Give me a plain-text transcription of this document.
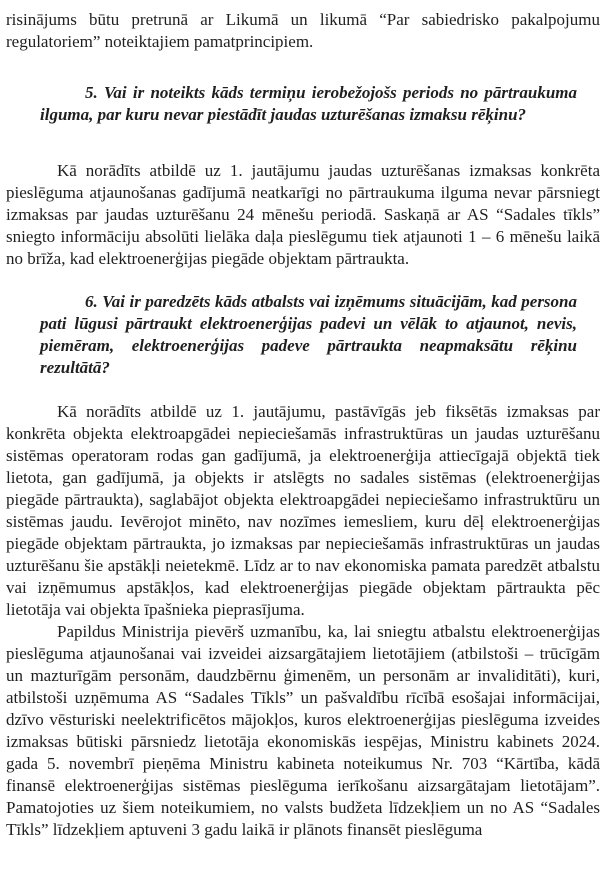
risinājums būtu pretrunā ar Likumā un likumā “Par sabiedrisko pakalpojumu regulatoriem” noteiktajiem pamatprincipiem.

5. Vai ir noteikts kāds termiņu ierobežojošs periods no pārtraukuma ilguma, par kuru nevar piestādīt jaudas uzturēšanas izmaksu rēķinu?

Kā norādīts atbildē uz 1. jautājumu jaudas uzturēšanas izmaksas konkrēta pieslēguma atjaunošanas gadījumā neatkarīgi no pārtraukuma ilguma nevar pārsniegt izmaksas par jaudas uzturēšanu 24 mēnešu periodā. Saskaņā ar AS “Sadales tīkls” sniegto informāciju absolūti lielāka daļa pieslēgumu tiek atjaunoti 1 – 6 mēnešu laikā no brīža, kad elektroenerģijas piegāde objektam pārtraukta.

6. Vai ir paredzēts kāds atbalsts vai izņēmums situācijām, kad persona pati lūgusi pārtraukt elektroenerģijas padevi un vēlāk to atjaunot, nevis, piemēram, elektroenerģijas padeve pārtraukta neapmaksātu rēķinu rezultātā?

Kā norādīts atbildē uz 1. jautājumu, pastāvīgās jeb fiksētās izmaksas par konkrēta objekta elektroapgādei nepieciešamās infrastruktūras un jaudas uzturēšanu sistēmas operatoram rodas gan gadījumā, ja elektroenerģija attiecīgajā objektā tiek lietota, gan gadījumā, ja objekts ir atslēgts no sadales sistēmas (elektroenerģijas piegāde pārtraukta), saglabājot objekta elektroapgādei nepieciešamo infrastruktūru un sistēmas jaudu. Ievērojot minēto, nav nozīmes iemesliem, kuru dēļ elektroenerģijas piegāde objektam pārtraukta, jo izmaksas par nepieciešamās infrastruktūras un jaudas uzturēšanu šie apstākļi neietekmē. Līdz ar to nav ekonomiska pamata paredzēt atbalstu vai izņēmumus apstākļos, kad elektroenerģijas piegāde objektam pārtraukta pēc lietotāja vai objekta īpašnieka pieprasījuma.

Papildus Ministrija pievērš uzmanību, ka, lai sniegtu atbalstu elektroenerģijas pieslēguma atjaunošanai vai izveidei aizsargātajiem lietotājiem (atbilstoši – trūcīgām un mazturīgām personām, daudzbērnu ģimenēm, un personām ar invaliditāti), kuri, atbilstoši uzņēmuma AS “Sadales Tīkls” un pašvaldību rīcībā esošajai informācijai, dzīvo vēsturiski neelektrificētos mājokļos, kuros elektroenerģijas pieslēguma izveides izmaksas būtiski pārsniedz lietotāja ekonomiskās iespējas, Ministru kabinets 2024. gada 5. novembrī pieņēma Ministru kabineta noteikumus Nr. 703 “Kārtība, kādā finansē elektroenerģijas sistēmas pieslēguma ierīkošanu aizsargātajam lietotājam”. Pamatojoties uz šiem noteikumiem, no valsts budžeta līdzekļiem un no AS “Sadales Tīkls” līdzekļiem aptuveni 3 gadu laikā ir plānots finansēt pieslēguma
